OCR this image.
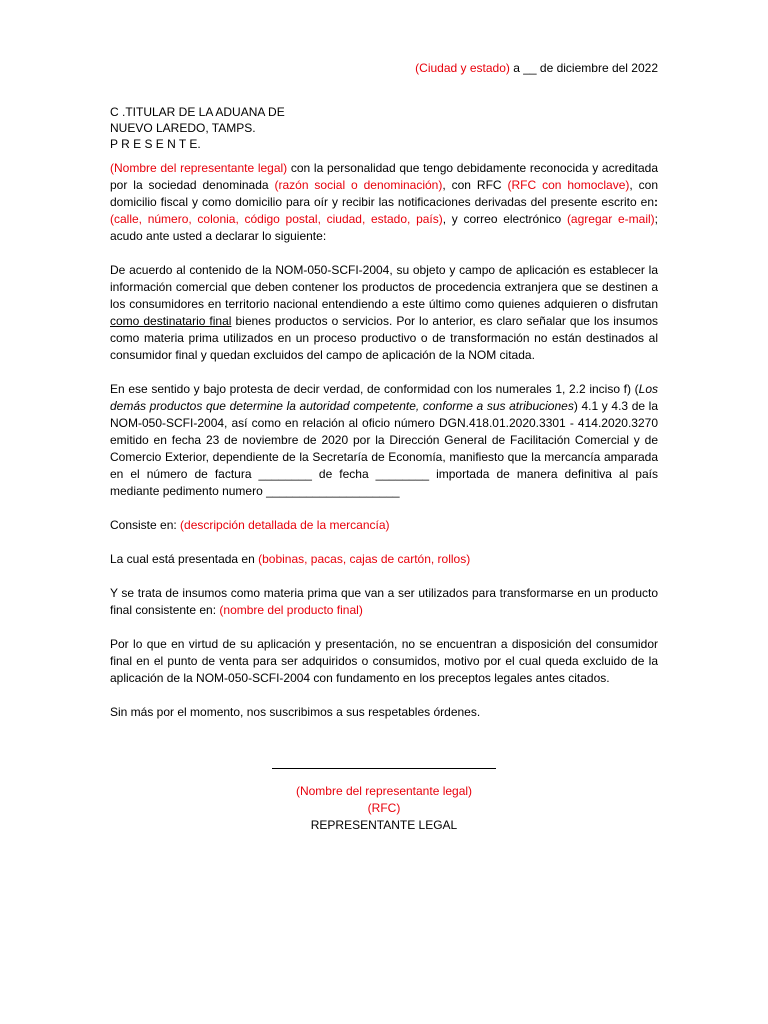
(Ciudad y estado) a __ de diciembre del 2022
C .TITULAR DE LA ADUANA DE
NUEVO LAREDO, TAMPS.
P R E S E N T E.

(Nombre del representante legal) con la personalidad que tengo debidamente reconocida y acreditada por la sociedad denominada (razón social o denominación), con RFC (RFC con homoclave), con domicilio fiscal y como domicilio para oír y recibir las notificaciones derivadas del presente escrito en: (calle, número, colonia, código postal, ciudad, estado, país), y correo electrónico (agregar e-mail); acudo ante usted a declarar lo siguiente:

De acuerdo al contenido de la NOM-050-SCFI-2004, su objeto y campo de aplicación es establecer la información comercial que deben contener los productos de procedencia extranjera que se destinen a los consumidores en territorio nacional entendiendo a este último como quienes adquieren o disfrutan como destinatario final bienes productos o servicios. Por lo anterior, es claro señalar que los insumos como materia prima utilizados en un proceso productivo o de transformación no están destinados al consumidor final y quedan excluidos del campo de aplicación de la NOM citada.

En ese sentido y bajo protesta de decir verdad, de conformidad con los numerales 1, 2.2 inciso f) (Los demás productos que determine la autoridad competente, conforme a sus atribuciones) 4.1 y 4.3 de la NOM-050-SCFI-2004, así como en relación al oficio número DGN.418.01.2020.3301 - 414.2020.3270 emitido en fecha 23 de noviembre de 2020 por la Dirección General de Facilitación Comercial y de Comercio Exterior, dependiente de la Secretaría de Economía, manifiesto que la mercancía amparada en el número de factura ________ de fecha ________ importada de manera definitiva al país mediante pedimento numero ____________________

Consiste en: (descripción detallada de la mercancía)

La cual está presentada en (bobinas, pacas, cajas de cartón, rollos)

Y se trata de insumos como materia prima que van a ser utilizados para transformarse en un producto final consistente en: (nombre del producto final)

Por lo que en virtud de su aplicación y presentación, no se encuentran a disposición del consumidor final en el punto de venta para ser adquiridos o consumidos, motivo por el cual queda excluido de la aplicación de la NOM-050-SCFI-2004 con fundamento en los preceptos legales antes citados.

Sin más por el momento, nos suscribimos a sus respetables órdenes.

(Nombre del representante legal)
(RFC)
REPRESENTANTE LEGAL
